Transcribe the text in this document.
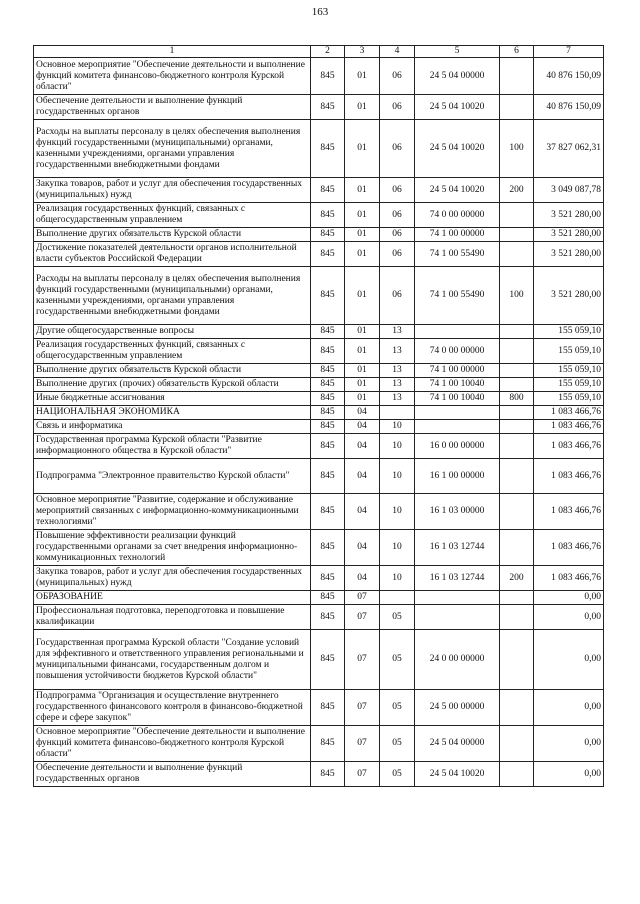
163
1	2	3	4	5	6	7
Основное мероприятие "Обеспечение деятельности и выполнение функций комитета финансово-бюджетного контроля Курской области"	845	01	06	24 5 04 00000		40 876 150,09
Обеспечение деятельности и выполнение функций государственных органов	845	01	06	24 5 04 10020		40 876 150,09
Расходы на выплаты персоналу в целях обеспечения выполнения функций государственными (муниципальными) органами, казенными учреждениями, органами управления государственными внебюджетными фондами	845	01	06	24 5 04 10020	100	37 827 062,31
Закупка товаров, работ и услуг для обеспечения государственных (муниципальных) нужд	845	01	06	24 5 04 10020	200	3 049 087,78
Реализация государственных функций, связанных с общегосударственным управлением	845	01	06	74 0 00 00000		3 521 280,00
Выполнение других обязательств Курской области	845	01	06	74 1 00 00000		3 521 280,00
Достижение показателей деятельности органов исполнительной власти субъектов Российской Федерации	845	01	06	74 1 00 55490		3 521 280,00
Расходы на выплаты персоналу в целях обеспечения выполнения функций государственными (муниципальными) органами, казенными учреждениями, органами управления государственными внебюджетными фондами	845	01	06	74 1 00 55490	100	3 521 280,00
Другие общегосударственные вопросы	845	01	13			155 059,10
Реализация государственных функций, связанных с общегосударственным управлением	845	01	13	74 0 00 00000		155 059,10
Выполнение других обязательств Курской области	845	01	13	74 1 00 00000		155 059,10
Выполнение других (прочих) обязательств Курской области	845	01	13	74 1 00 10040		155 059,10
Иные бюджетные ассигнования	845	01	13	74 1 00 10040	800	155 059,10
НАЦИОНАЛЬНАЯ ЭКОНОМИКА	845	04				1 083 466,76
Связь и информатика	845	04	10			1 083 466,76
Государственная программа Курской области "Развитие информационного общества в Курской области"	845	04	10	16 0 00 00000		1 083 466,76
Подпрограмма "Электронное правительство Курской области"	845	04	10	16 1 00 00000		1 083 466,76
Основное мероприятие "Развитие, содержание и обслуживание мероприятий связанных с информационно-коммуникационными технологиями"	845	04	10	16 1 03 00000		1 083 466,76
Повышение эффективности реализации функций государственными органами за счет внедрения информационно-коммуникационных технологий	845	04	10	16 1 03 12744		1 083 466,76
Закупка товаров, работ и услуг для обеспечения государственных (муниципальных) нужд	845	04	10	16 1 03 12744	200	1 083 466,76
ОБРАЗОВАНИЕ	845	07				0,00
Профессиональная подготовка, переподготовка и повышение квалификации	845	07	05			0,00
Государственная программа Курской области "Создание условий для эффективного и ответственного управления региональными и муниципальными финансами, государственным долгом и повышения устойчивости бюджетов Курской области"	845	07	05	24 0 00 00000		0,00
Подпрограмма "Организация и осуществление внутреннего государственного финансового контроля в финансово-бюджетной сфере и сфере закупок"	845	07	05	24 5 00 00000		0,00
Основное мероприятие "Обеспечение деятельности и выполнение функций комитета финансово-бюджетного контроля Курской области"	845	07	05	24 5 04 00000		0,00
Обеспечение деятельности и выполнение функций государственных органов	845	07	05	24 5 04 10020		0,00
